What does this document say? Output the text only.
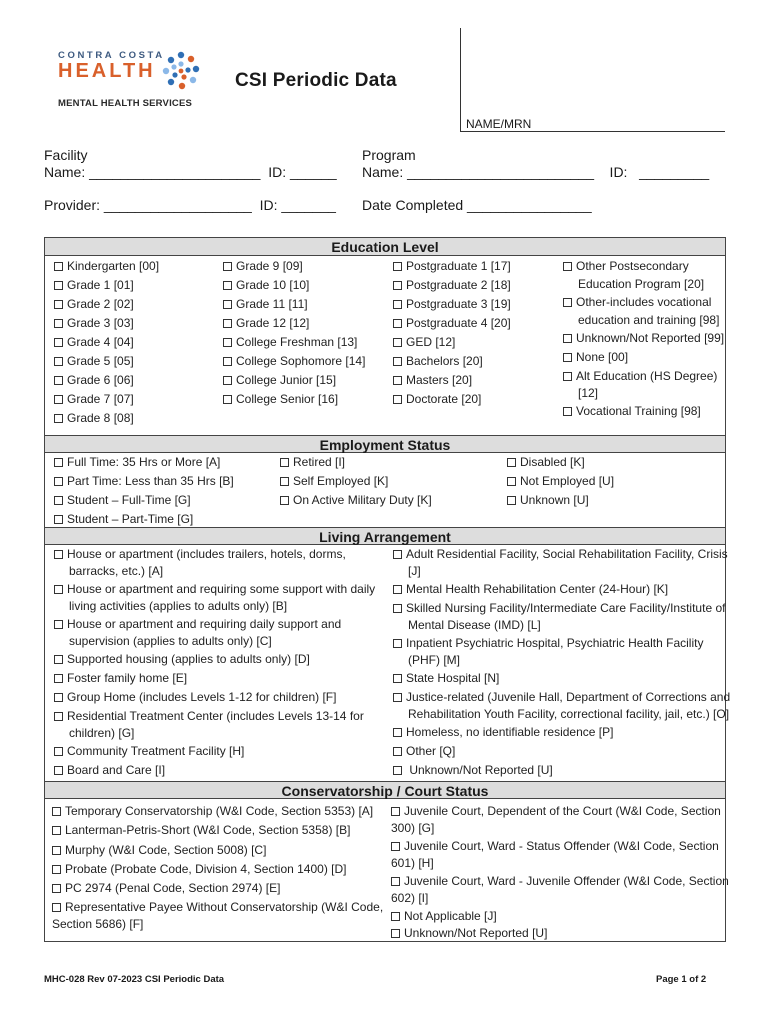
CONTRA COSTA
HEALTH
MENTAL HEALTH SERVICES
CSI Periodic Data
NAME/MRN
Facility
Name: ______________________  ID: ______
Program
Name: ________________________    ID:   _________
Provider: ___________________  ID: _______ Date Completed ________________
Education Level
Kindergarten [00]
Grade 1 [01]
Grade 2 [02]
Grade 3 [03]
Grade 4 [04]
Grade 5 [05]
Grade 6 [06]
Grade 7 [07]
Grade 8 [08]
Grade 9 [09]
Grade 10 [10]
Grade 11 [11]
Grade 12 [12]
College Freshman [13]
College Sophomore [14]
College Junior [15]
College Senior [16]
Postgraduate 1 [17]
Postgraduate 2 [18]
Postgraduate 3 [19]
Postgraduate 4 [20]
GED [12]
Bachelors [20]
Masters [20]
Doctorate [20]
Other Postsecondary
Education Program [20]
Other-includes vocational
education and training [98]
Unknown/Not Reported [99]
None [00]
Alt Education (HS Degree)
[12]
Vocational Training [98]
Employment Status
Full Time: 35 Hrs or More [A]
Part Time: Less than 35 Hrs [B]
Student – Full-Time [G]
Student – Part-Time [G]
Retired [I]
Self Employed [K]
On Active Military Duty [K]
Disabled [K]
Not Employed [U]
Unknown [U]
Living Arrangement
House or apartment (includes trailers, hotels, dorms,
barracks, etc.) [A]
House or apartment and requiring some support with daily
living activities (applies to adults only) [B]
House or apartment and requiring daily support and
supervision (applies to adults only) [C]
Supported housing (applies to adults only) [D]
Foster family home [E]
Group Home (includes Levels 1-12 for children) [F]
Residential Treatment Center (includes Levels 13-14 for
children) [G]
Community Treatment Facility [H]
Board and Care [I]
Adult Residential Facility, Social Rehabilitation Facility, Crisis
[J]
Mental Health Rehabilitation Center (24-Hour) [K]
Skilled Nursing Facility/Intermediate Care Facility/Institute of
Mental Disease (IMD) [L]
Inpatient Psychiatric Hospital, Psychiatric Health Facility
(PHF) [M]
State Hospital [N]
Justice-related (Juvenile Hall, Department of Corrections and
Rehabilitation Youth Facility, correctional facility, jail, etc.) [O]
Homeless, no identifiable residence [P]
Other [Q]
Unknown/Not Reported [U]
Conservatorship / Court Status
Temporary Conservatorship (W&I Code, Section 5353) [A]
Lanterman-Petris-Short (W&I Code, Section 5358) [B]
Murphy (W&I Code, Section 5008) [C]
Probate (Probate Code, Division 4, Section 1400) [D]
PC 2974 (Penal Code, Section 2974) [E]
Representative Payee Without Conservatorship (W&I Code,
Section 5686) [F]
Juvenile Court, Dependent of the Court (W&I Code, Section
300) [G]
Juvenile Court, Ward - Status Offender (W&I Code, Section
601) [H]
Juvenile Court, Ward - Juvenile Offender (W&I Code, Section
602) [I]
Not Applicable [J]
Unknown/Not Reported [U]
MHC-028 Rev 07-2023 CSI Periodic Data	Page 1 of 2
